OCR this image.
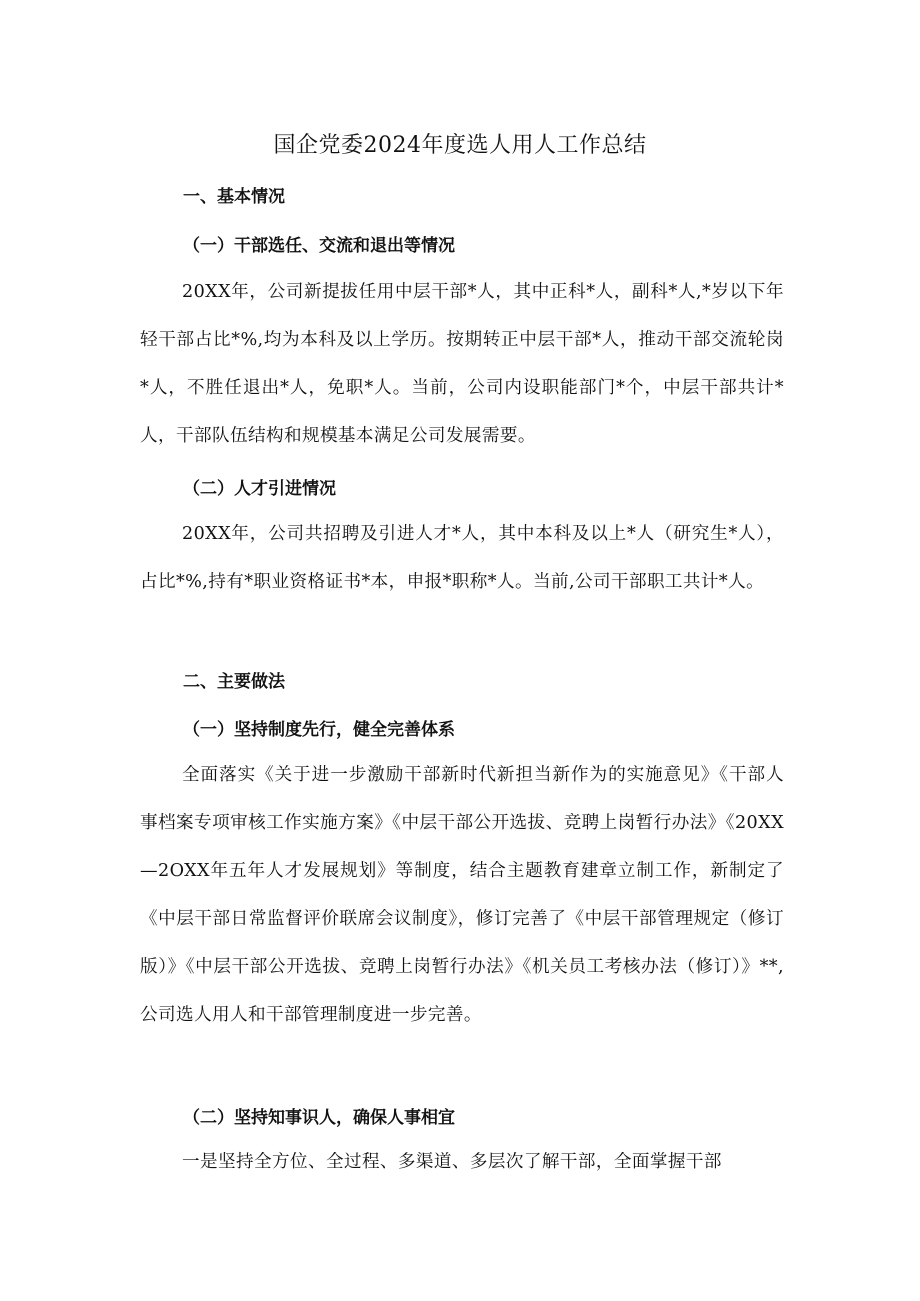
国企党委2024年度选人用人工作总结
一、基本情况
（一）干部选任、交流和退出等情况

20XX年，公司新提拔任用中层干部*人，其中正科*人，副科*人,*岁以下年轻干部占比*%,均为本科及以上学历。按期转正中层干部*人，推动干部交流轮岗*人，不胜任退出*人，免职*人。当前，公司内设职能部门*个，中层干部共计*人，干部队伍结构和规模基本满足公司发展需要。

（二）人才引进情况

20XX年，公司共招聘及引进人才*人，其中本科及以上*人（研究生*人），占比*%,持有*职业资格证书*本，申报*职称*人。当前,公司干部职工共计*人。

二、主要做法
（一）坚持制度先行，健全完善体系

全面落实《关于进一步激励干部新时代新担当新作为的实施意见》《干部人事档案专项审核工作实施方案》《中层干部公开选拔、竞聘上岗暂行办法》《20XX—2OXX年五年人才发展规划》等制度，结合主题教育建章立制工作，新制定了《中层干部日常监督评价联席会议制度》，修订完善了《中层干部管理规定（修订版）》《中层干部公开选拔、竞聘上岗暂行办法》《机关员工考核办法（修订）》**,公司选人用人和干部管理制度进一步完善。

（二）坚持知事识人，确保人事相宜

一是坚持全方位、全过程、多渠道、多层次了解干部，全面掌握干部
